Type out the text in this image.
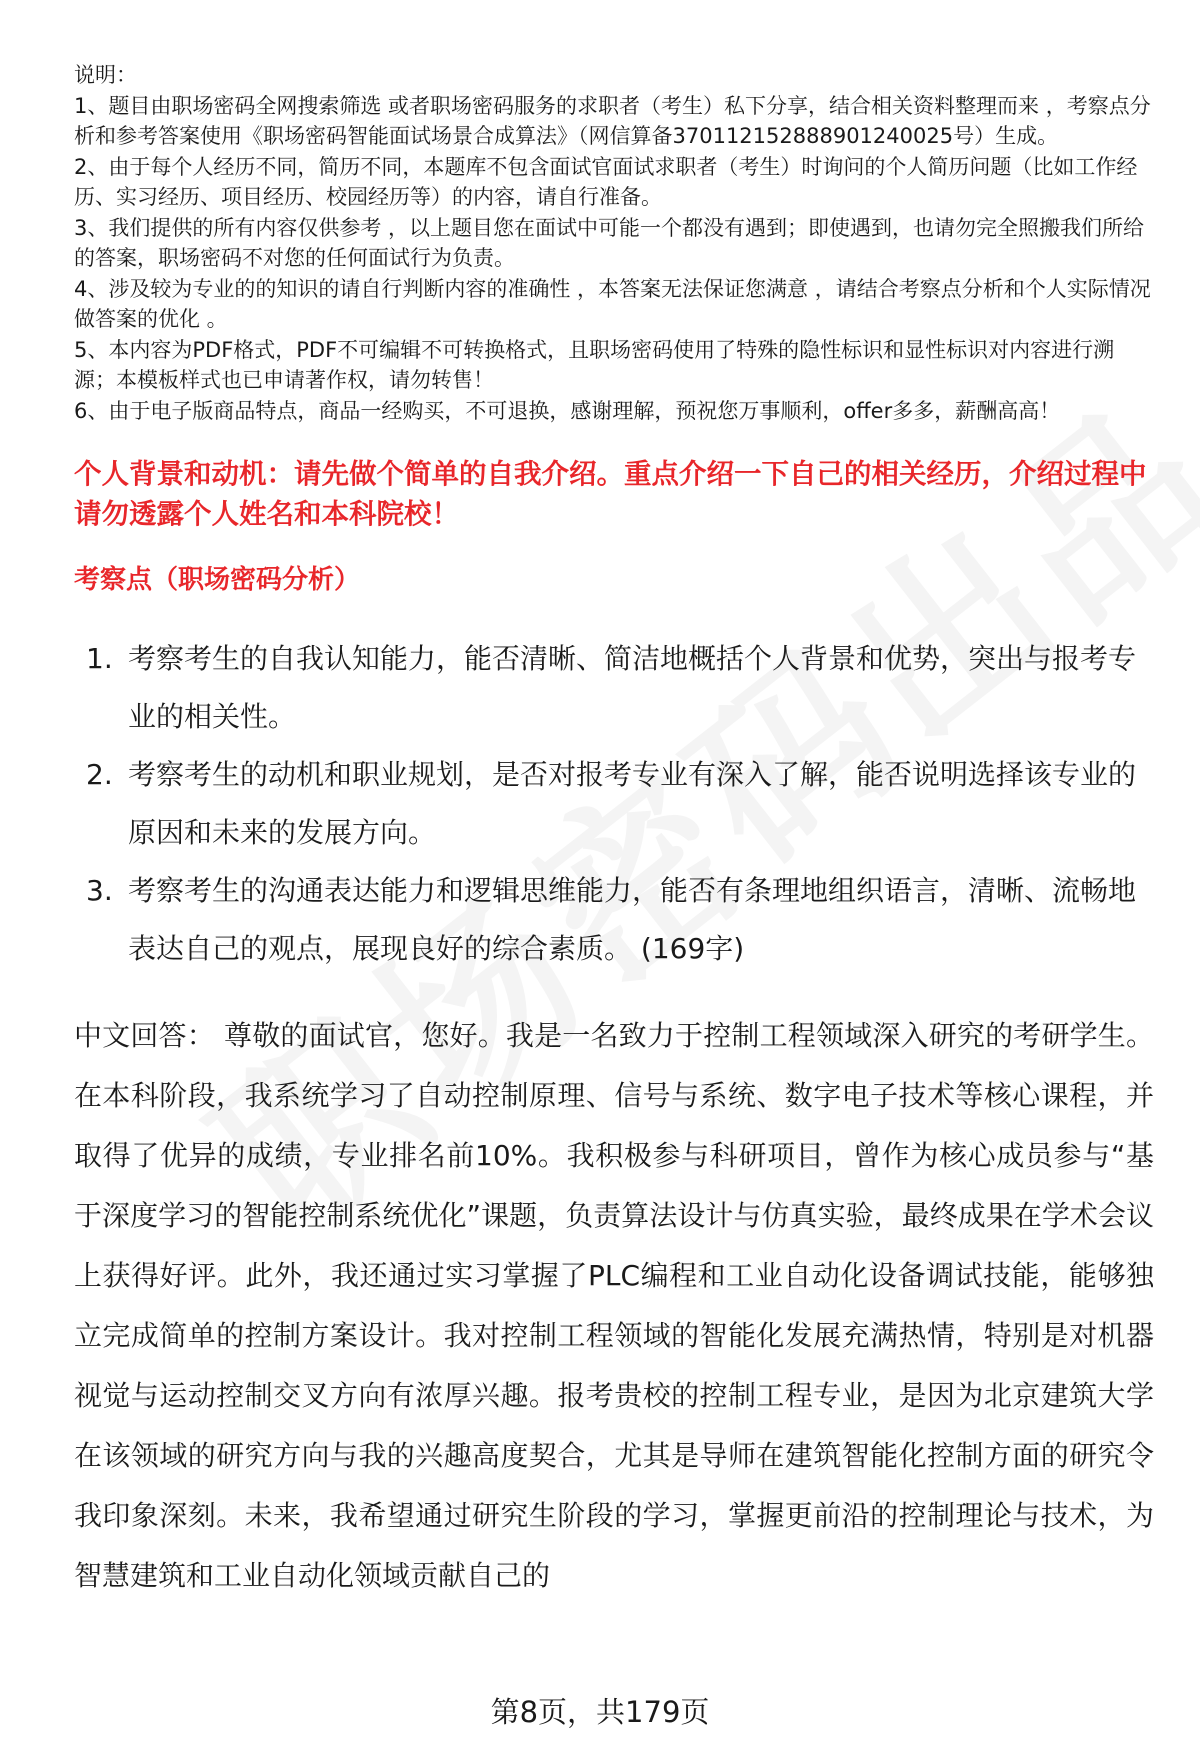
说明：

1、题目由职场密码全网搜索筛选 或者职场密码服务的求职者（考生）私下分享，结合相关资料整理而来 ，考察点分析和参考答案使用《职场密码智能面试场景合成算法》（网信算备370112152888901240025号）生成。

2、由于每个人经历不同，简历不同，本题库不包含面试官面试求职者（考生）时询问的个人简历问题（比如工作经历、实习经历、项目经历、校园经历等）的内容，请自行准备。

3、我们提供的所有内容仅供参考 ，以上题目您在面试中可能一个都没有遇到；即使遇到，也请勿完全照搬我们所给的答案，职场密码不对您的任何面试行为负责。

4、涉及较为专业的的知识的请自行判断内容的准确性 ，本答案无法保证您满意 ，请结合考察点分析和个人实际情况做答案的优化 。

5、本内容为PDF格式，PDF不可编辑不可转换格式，且职场密码使用了特殊的隐性标识和显性标识对内容进行溯源；本模板样式也已申请著作权，请勿转售！

6、由于电子版商品特点，商品一经购买，不可退换，感谢理解，预祝您万事顺利，offer多多，薪酬高高！

个人背景和动机：请先做个简单的自我介绍。重点介绍一下自己的相关经历，介绍过程中请勿透露个人姓名和本科院校！
考察点（职场密码分析）
1. 考察考生的自我认知能力，能否清晰、简洁地概括个人背景和优势，突出与报考专业的相关性。
2. 考察考生的动机和职业规划，是否对报考专业有深入了解，能否说明选择该专业的原因和未来的发展方向。
3. 考察考生的沟通表达能力和逻辑思维能力，能否有条理地组织语言，清晰、流畅地表达自己的观点，展现良好的综合素质。 (169字)
中文回答： 尊敬的面试官，您好。我是一名致力于控制工程领域深入研究的考研学生。在本科阶段，我系统学习了自动控制原理、信号与系统、数字电子技术等核心课程，并取得了优异的成绩，专业排名前10%。我积极参与科研项目，曾作为核心成员参与“基于深度学习的智能控制系统优化”课题，负责算法设计与仿真实验，最终成果在学术会议上获得好评。此外，我还通过实习掌握了PLC编程和工业自动化设备调试技能，能够独立完成简单的控制方案设计。我对控制工程领域的智能化发展充满热情，特别是对机器视觉与运动控制交叉方向有浓厚兴趣。报考贵校的控制工程专业，是因为北京建筑大学在该领域的研究方向与我的兴趣高度契合，尤其是导师在建筑智能化控制方面的研究令我印象深刻。未来，我希望通过研究生阶段的学习，掌握更前沿的控制理论与技术，为智慧建筑和工业自动化领域贡献自己的
第8页，共179页
